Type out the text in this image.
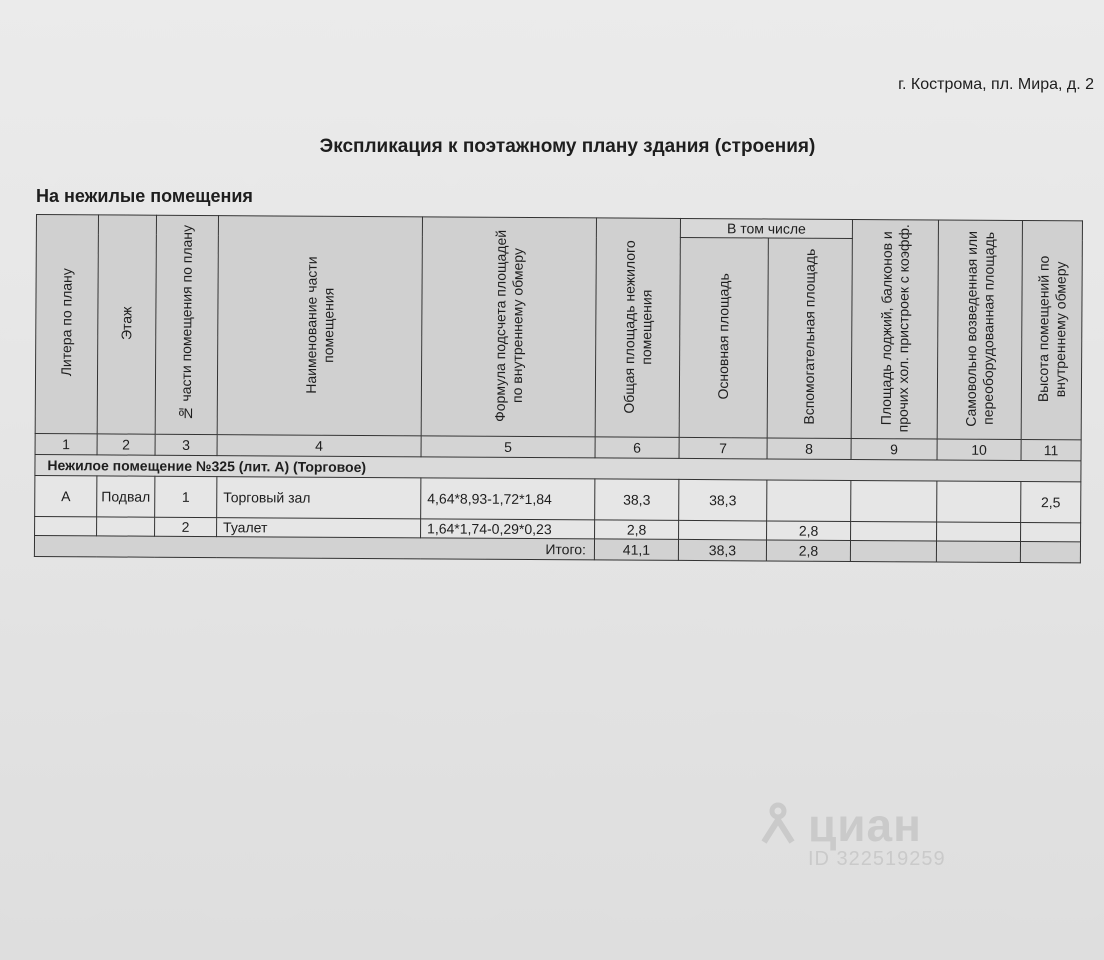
г. Кострома, пл. Мира, д. 2
Экспликация к поэтажному плану здания (строения)
На нежилые помещения
Литера по плану	Этаж	№ части помещения по плану	Наименование части помещения	Формула подсчета площадей по внутреннему обмеру	Общая площадь нежилого помещения	В том числе		Площадь лоджий, балконов и прочих хол. пристроек с коэфф.	Самовольно возведенная или переоборудованная площадь	Высота помещений по внутреннему обмеру
						Основная площадь	Вспомогательная площадь			
1	2	3	4	5	6	7	8	9	10	11
Нежилое помещение №325 (лит. А) (Торговое)										
А	Подвал	1	Торговый зал	4,64*8,93-1,72*1,84	38,3	38,3				2,5
		2	Туалет	1,64*1,74-0,29*0,23	2,8		2,8			
Итого:					41,1	38,3	2,8			
циан
ID 322519259
